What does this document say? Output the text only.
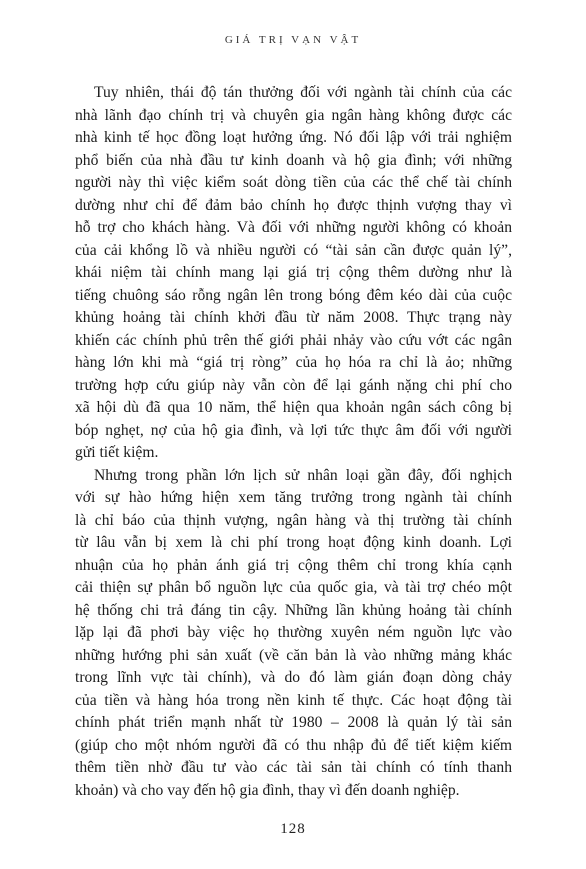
GIÁ TRỊ VẠN VẬT

Tuy nhiên, thái độ tán thưởng đối với ngành tài chính của các
nhà lãnh đạo chính trị và chuyên gia ngân hàng không được các
nhà kinh tế học đồng loạt hưởng ứng. Nó đối lập với trải nghiệm
phổ biến của nhà đầu tư kinh doanh và hộ gia đình; với những
người này thì việc kiểm soát dòng tiền của các thể chế tài chính
dường như chỉ để đảm bảo chính họ được thịnh vượng thay vì
hỗ trợ cho khách hàng. Và đối với những người không có khoản
của cải khổng lồ và nhiều người có “tài sản cần được quản lý”,
khái niệm tài chính mang lại giá trị cộng thêm dường như là
tiếng chuông sáo rỗng ngân lên trong bóng đêm kéo dài của cuộc
khủng hoảng tài chính khởi đầu từ năm 2008. Thực trạng này
khiến các chính phủ trên thế giới phải nhảy vào cứu vớt các ngân
hàng lớn khi mà “giá trị ròng” của họ hóa ra chỉ là ảo; những
trường hợp cứu giúp này vẫn còn để lại gánh nặng chi phí cho
xã hội dù đã qua 10 năm, thể hiện qua khoản ngân sách công bị
bóp nghẹt, nợ của hộ gia đình, và lợi tức thực âm đối với người
gửi tiết kiệm.

Nhưng trong phần lớn lịch sử nhân loại gần đây, đối nghịch
với sự hào hứng hiện xem tăng trưởng trong ngành tài chính
là chỉ báo của thịnh vượng, ngân hàng và thị trường tài chính
từ lâu vẫn bị xem là chi phí trong hoạt động kinh doanh. Lợi
nhuận của họ phản ánh giá trị cộng thêm chỉ trong khía cạnh
cải thiện sự phân bổ nguồn lực của quốc gia, và tài trợ chéo một
hệ thống chi trả đáng tin cậy. Những lần khủng hoảng tài chính
lặp lại đã phơi bày việc họ thường xuyên ném nguồn lực vào
những hướng phi sản xuất (về căn bản là vào những mảng khác
trong lĩnh vực tài chính), và do đó làm gián đoạn dòng chảy
của tiền và hàng hóa trong nền kinh tế thực. Các hoạt động tài
chính phát triển mạnh nhất từ 1980 – 2008 là quản lý tài sản
(giúp cho một nhóm người đã có thu nhập đủ để tiết kiệm kiếm
thêm tiền nhờ đầu tư vào các tài sản tài chính có tính thanh
khoản) và cho vay đến hộ gia đình, thay vì đến doanh nghiệp.

128
